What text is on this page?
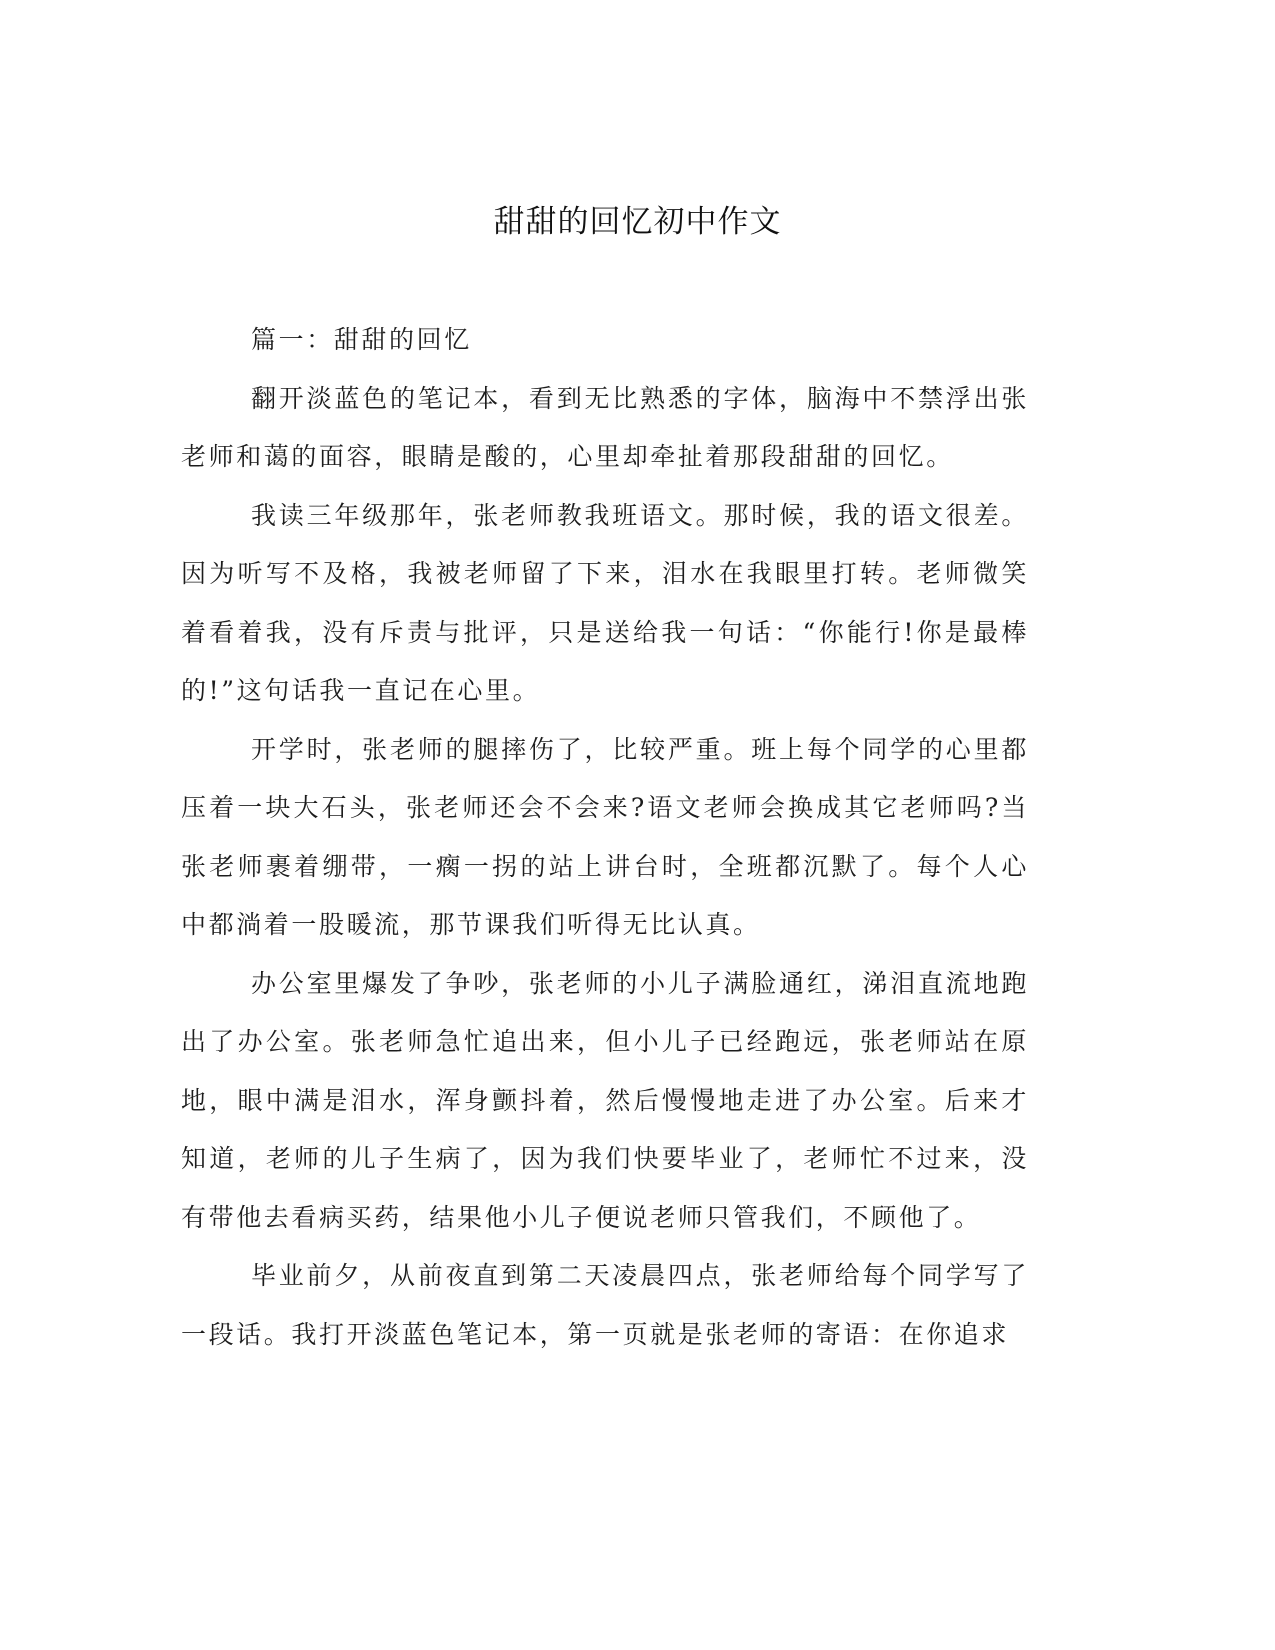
甜甜的回忆初中作文

篇一：甜甜的回忆

翻开淡蓝色的笔记本，看到无比熟悉的字体，脑海中不禁浮出张老师和蔼的面容，眼睛是酸的，心里却牵扯着那段甜甜的回忆。

我读三年级那年，张老师教我班语文。那时候，我的语文很差。因为听写不及格，我被老师留了下来，泪水在我眼里打转。老师微笑着看着我，没有斥责与批评，只是送给我一句话：“你能行!你是最棒的!”这句话我一直记在心里。

开学时，张老师的腿摔伤了，比较严重。班上每个同学的心里都压着一块大石头，张老师还会不会来?语文老师会换成其它老师吗?当张老师裹着绷带，一瘸一拐的站上讲台时，全班都沉默了。每个人心中都淌着一股暖流，那节课我们听得无比认真。

办公室里爆发了争吵，张老师的小儿子满脸通红，涕泪直流地跑出了办公室。张老师急忙追出来，但小儿子已经跑远，张老师站在原地，眼中满是泪水，浑身颤抖着，然后慢慢地走进了办公室。后来才知道，老师的儿子生病了，因为我们快要毕业了，老师忙不过来，没有带他去看病买药，结果他小儿子便说老师只管我们，不顾他了。

毕业前夕，从前夜直到第二天凌晨四点，张老师给每个同学写了一段话。我打开淡蓝色笔记本，第一页就是张老师的寄语：在你追求
